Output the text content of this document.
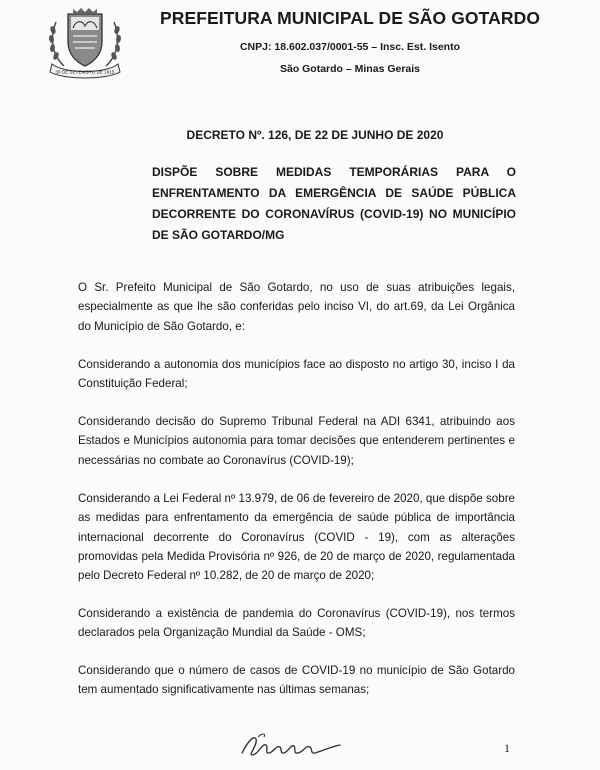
30 DE SETEMBRO DE 1915
PREFEITURA MUNICIPAL DE SÃO GOTARDO
CNPJ: 18.602.037/0001-55 – Insc. Est. Isento
São Gotardo – Minas Gerais
DECRETO Nº. 126, DE 22 DE JUNHO DE 2020
DISPÕE SOBRE MEDIDAS TEMPORÁRIAS PARA O ENFRENTAMENTO DA EMERGÊNCIA DE SAÚDE PÚBLICA DECORRENTE DO CORONAVÍRUS (COVID-19) NO MUNICÍPIO DE SÃO GOTARDO/MG
O Sr. Prefeito Municipal de São Gotardo, no uso de suas atribuições legais, especialmente as que lhe são conferidas pelo inciso VI, do art.69, da Lei Orgânica do Município de São Gotardo, e:
Considerando a autonomia dos municípios face ao disposto no artigo 30, inciso I da Constituição Federal;
Considerando decisão do Supremo Tribunal Federal na ADI 6341, atribuindo aos Estados e Municípios autonomia para tomar decisões que entenderem pertinentes e necessárias no combate ao Coronavírus (COVID-19);
Considerando a Lei Federal nº 13.979, de 06 de fevereiro de 2020, que dispõe sobre as medidas para enfrentamento da emergência de saúde pública de importância internacional decorrente do Coronavírus (COVID - 19), com as alterações promovidas pela Medida Provisória nº 926, de 20 de março de 2020, regulamentada pelo Decreto Federal nº 10.282, de 20 de março de 2020;
Considerando a existência de pandemia do Coronavírus (COVID-19), nos termos declarados pela Organização Mundial da Saúde - OMS;
Considerando que o número de casos de COVID-19 no município de São Gotardo tem aumentado significativamente nas últimas semanas;
1
